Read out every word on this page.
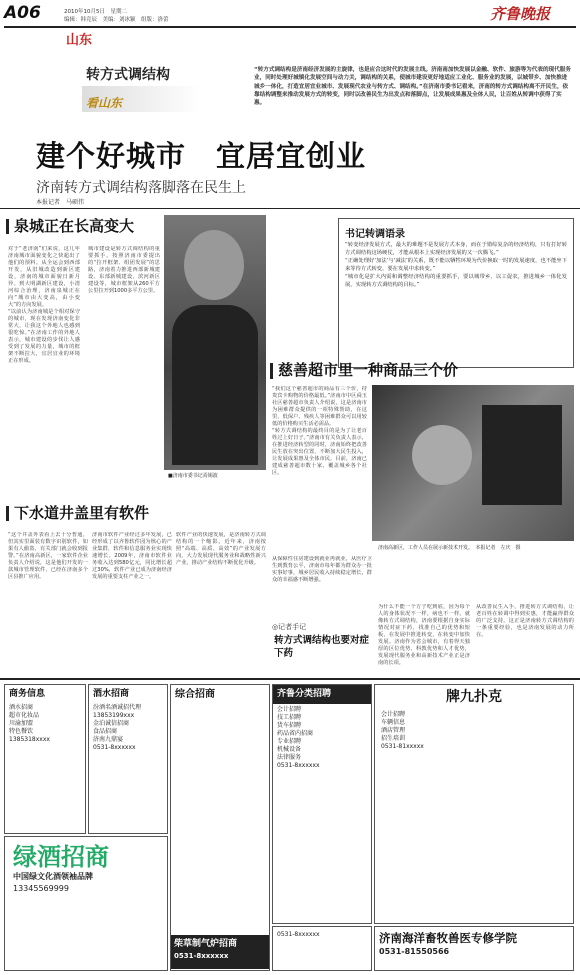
A06	2010年10月5日　星期二
编辑：韩竞辰　美编：刘冰颖　组版：洛蕾	齐鲁晚报
山东
转方式调结构
看山东
“转方式调结构是济南经济发展的主旋律，也是应合这时代的发展主线。济南南加快发展以金融、软件、旅游等为代表的现代服务业，同时处理好城镇化发展空间与动力关，调结构的关系，使城市建设更好地适应工业化、服务业的发展，以城带乡、加快推进城乡一体化，打造宜居宜业城市、发展现代农业与转方式、调结构。”在济南市委书记看来，济南的转方式调结构离不开民生，依靠结构调整来推动发展方式的转变，同时以改善民生为出发点和落脚点，让发展成果惠及全体人民，让百姓从转调中获得了实惠。
建个好城市　宜居宜创业
济南转方式调结构落脚落在民生上
本报记者　马硕伟
泉城正在长高变大

对于“老济南”们来说，这几年济南城市面貌变化之快超出了他们的预料。从全运会到西部开发，从旧城改造到新区建设，济南的城市面貌日新月异。到大明湖新区建设，小清河综合治理，济南泉城正在向“城市由大变高，由小变大”的方向发展。

“以前认为济南城是个相对保守的城市，现在发现济南变化非常大，让我这个外地人也感到很吃惊。”在济南工作的外地人表示，城市建设的步伐让人感受到了发展的力量，城市的框架不断拉大，宜居宜业的环境正在形成。

城市建设是转方式调结构的重要抓手。按照济南市委提出的“拉开框架、组团发展”的思路，济南着力推进西部新城建设、东部新城建设、滨河新区建设等，城市框架从260平方公里拉开到1000多平方公里。

■济南市委书记焉锡波
书记转调语录

“转变经济发展方式，最大的难题不是发展方式本身，而在于错综复杂的经济结构，只有打好转方式调结构这场硬仗，才能从根本上实现经济发展的又一次腾飞。”

“正确处理好‘加法’与‘减法’的关系，既不能以牺牲环境为代价换取一时的发展速度，也不能坐下来等待方式转变，要在发展中求转变。”

“城市化是扩大内需和调整经济结构的重要抓手，要以城带乡、以工促农，推进城乡一体化发展，实现转方式调结构的目标。”

慈善超市里一种商品三个价

“我们这个慈善超市的商品有三个价，持贵宾卡购物的价格最低。”济南市中区舜玉社区慈善超市负责人介绍说，这是济南市为困难群众提供的一项特殊帮助，在这里，低保户、残疾人等困难群众可以用较低的价格购买生活必需品。

“转方式调结构的最终目的是为了让老百姓过上好日子。”济南市有关负责人表示，在推进经济转型的同时，济南始终把改善民生放在突出位置，不断加大民生投入，让发展成果惠及全体市民。目前，济南已建成慈善超市数十家，覆盖城乡各个社区。

济南高新区，工作人员在展示新技术开发。　本报记者　左庆　摄
下水道井盖里有软件

“这个井盖外表看上去十分普通，但其实里面装有数字识别软件，如果有人偷盗，有关部门就会收到报警。”在济南高新区，一家软件企业负责人介绍说，这是他们开发的一款城市管理软件，已经在济南多个区县推广应用。

济南市软件产业经过多年发展，已经形成了以齐鲁软件园为核心的产业集群，软件和信息服务业实现快速增长。2009年，济南市软件业务收入达到580亿元，同比增长超过30%，软件产业已成为济南经济发展的重要支柱产业之一。

软件产业的快速发展，是济南转方式调结构的一个缩影。近年来，济南按照“高端、高质、高效”的产业发展方向，大力发展现代服务业和战略性新兴产业，推动产业结构不断优化升级。

从保障性住房建设到就业再就业，从医疗卫生到教育公平，济南市每年都为群众办一批实事好事，城乡居民收入持续稳定增长，群众的幸福感不断增强。

◎记者手记
转方式调结构也要对症下药
为什么不能一个方子吃到底，因为每个人的身体状况不一样，病也不一样。就像转方式调结构，济南要根据自身实际情况对症下药，找准自己的优势和短板，在发展中推进转变，在转变中加快发展。济南作为省会城市，有着得天独厚的区位优势、科教优势和人才优势，发展现代服务业和高新技术产业正是济南的长项。
从改善民生入手，推进转方式调结构，让老百姓在转调中得到实惠，才能赢得群众的广泛支持。这正是济南转方式调结构的一条重要经验，也是济南发展的动力所在。
商务信息
酒水招商
超市化妆品
川渝加盟
特色餐饮
1385318xxxx
酒水招商
汾酒名酒诚招代理
13853199xxx
金泊诚信招商
食品招商
济南九鼎宴
0531-8xxxxxx
综合招商
柴草制气炉招商
0531-8xxxxxx
齐鲁分类招聘
会计招聘
技工招聘
货车招聘
药品省内招商
专业招聘
机械设备
法律服务
0531-8xxxxxx
牌九扑克
会计招聘
车辆信息
酒店管理
招生培训
0531-81xxxxx
绿酒招商
中国绿文化酒领袖品牌
13345569999
济南海洋畜牧兽医专修学院
0531-81550566
0531-8xxxxxx
